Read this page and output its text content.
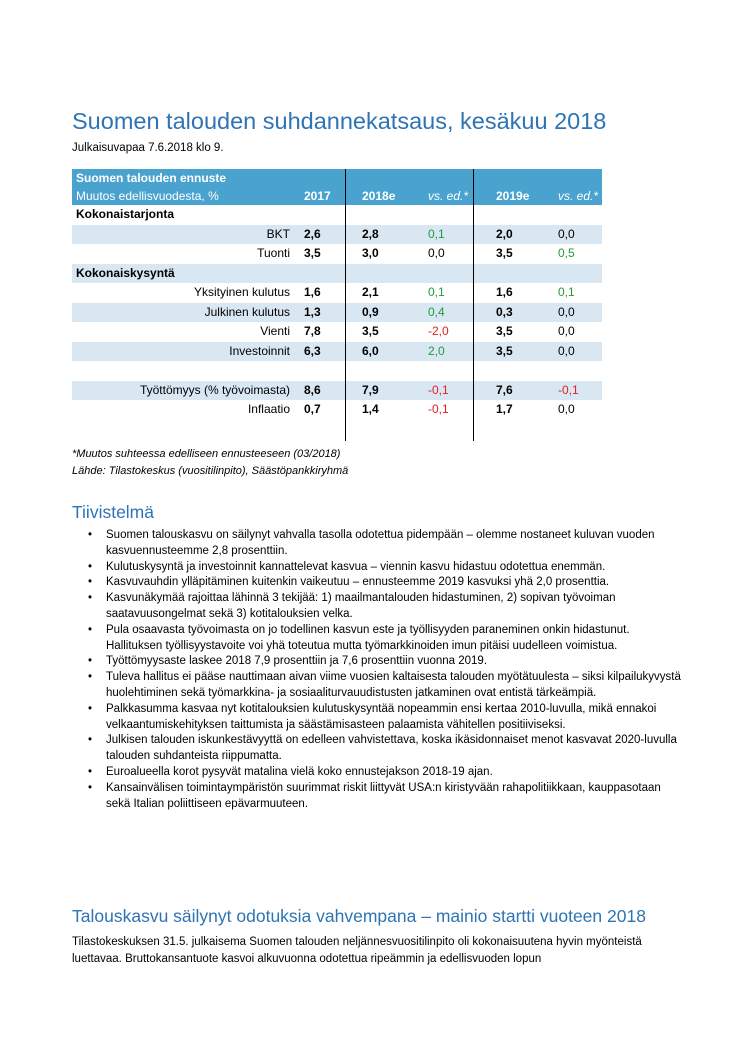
Suomen talouden suhdannekatsaus, kesäkuu 2018
Julkaisuvapaa 7.6.2018 klo 9.
Suomen talouden ennuste
Muutos edellisvuodesta, %	2017	2018e	vs. ed.*	2019e	vs. ed.*
Kokonaistarjonta
BKT 2,6	2,8	0,1	2,0	0,0
Tuonti 3,5	3,0	0,0	3,5	0,5
Kokonaiskysyntä
Yksityinen kulutus 1,6	2,1	0,1	1,6	0,1
Julkinen kulutus 1,3	0,9	0,4	0,3	0,0
Vienti 7,8	3,5	-2,0	3,5	0,0
Investoinnit 6,3	6,0	2,0	3,5	0,0
Työttömyys (% työvoimasta) 8,6	7,9	-0,1	7,6	-0,1
Inflaatio 0,7	1,4	-0,1	1,7	0,0
*Muutos suhteessa edelliseen ennusteeseen (03/2018)
Lähde: Tilastokeskus (vuositilinpito), Säästöpankkiryhmä
Tiivistelmä
• Suomen talouskasvu on säilynyt vahvalla tasolla odotettua pidempään – olemme nostaneet kuluvan vuoden kasvuennusteemme 2,8 prosenttiin.
• Kulutuskysyntä ja investoinnit kannattelevat kasvua – viennin kasvu hidastuu odotettua enemmän.
• Kasvuvauhdin ylläpitäminen kuitenkin vaikeutuu – ennusteemme 2019 kasvuksi yhä 2,0 prosenttia.
• Kasvunäkymää rajoittaa lähinnä 3 tekijää: 1) maailmantalouden hidastuminen, 2) sopivan työvoiman saatavuusongelmat sekä 3) kotitalouksien velka.
• Pula osaavasta työvoimasta on jo todellinen kasvun este ja työllisyyden paraneminen onkin hidastunut. Hallituksen työllisyystavoite voi yhä toteutua mutta työmarkkinoiden imun pitäisi uudelleen voimistua.
• Työttömyysaste laskee 2018 7,9 prosenttiin ja 7,6 prosenttiin vuonna 2019.
• Tuleva hallitus ei pääse nauttimaan aivan viime vuosien kaltaisesta talouden myötätuulesta – siksi kilpailukyvystä huolehtiminen sekä työmarkkina- ja sosiaaliturvauudistusten jatkaminen ovat entistä tärkeämpiä.
• Palkkasumma kasvaa nyt kotitalouksien kulutuskysyntää nopeammin ensi kertaa 2010-luvulla, mikä ennakoi velkaantumiskehityksen taittumista ja säästämisasteen palaamista vähitellen positiiviseksi.
• Julkisen talouden iskunkestävyyttä on edelleen vahvistettava, koska ikäsidonnaiset menot kasvavat 2020-luvulla talouden suhdanteista riippumatta.
• Euroalueella korot pysyvät matalina vielä koko ennustejakson 2018-19 ajan.
• Kansainvälisen toimintaympäristön suurimmat riskit liittyvät USA:n kiristyvään rahapolitiikkaan, kauppasotaan sekä Italian poliittiseen epävarmuuteen.
Talouskasvu säilynyt odotuksia vahvempana – mainio startti vuoteen 2018
Tilastokeskuksen 31.5. julkaisema Suomen talouden neljännesvuositilinpito oli kokonaisuutena hyvin myönteistä luettavaa. Bruttokansantuote kasvoi alkuvuonna odotettua ripeämmin ja edellisvuoden lopun
